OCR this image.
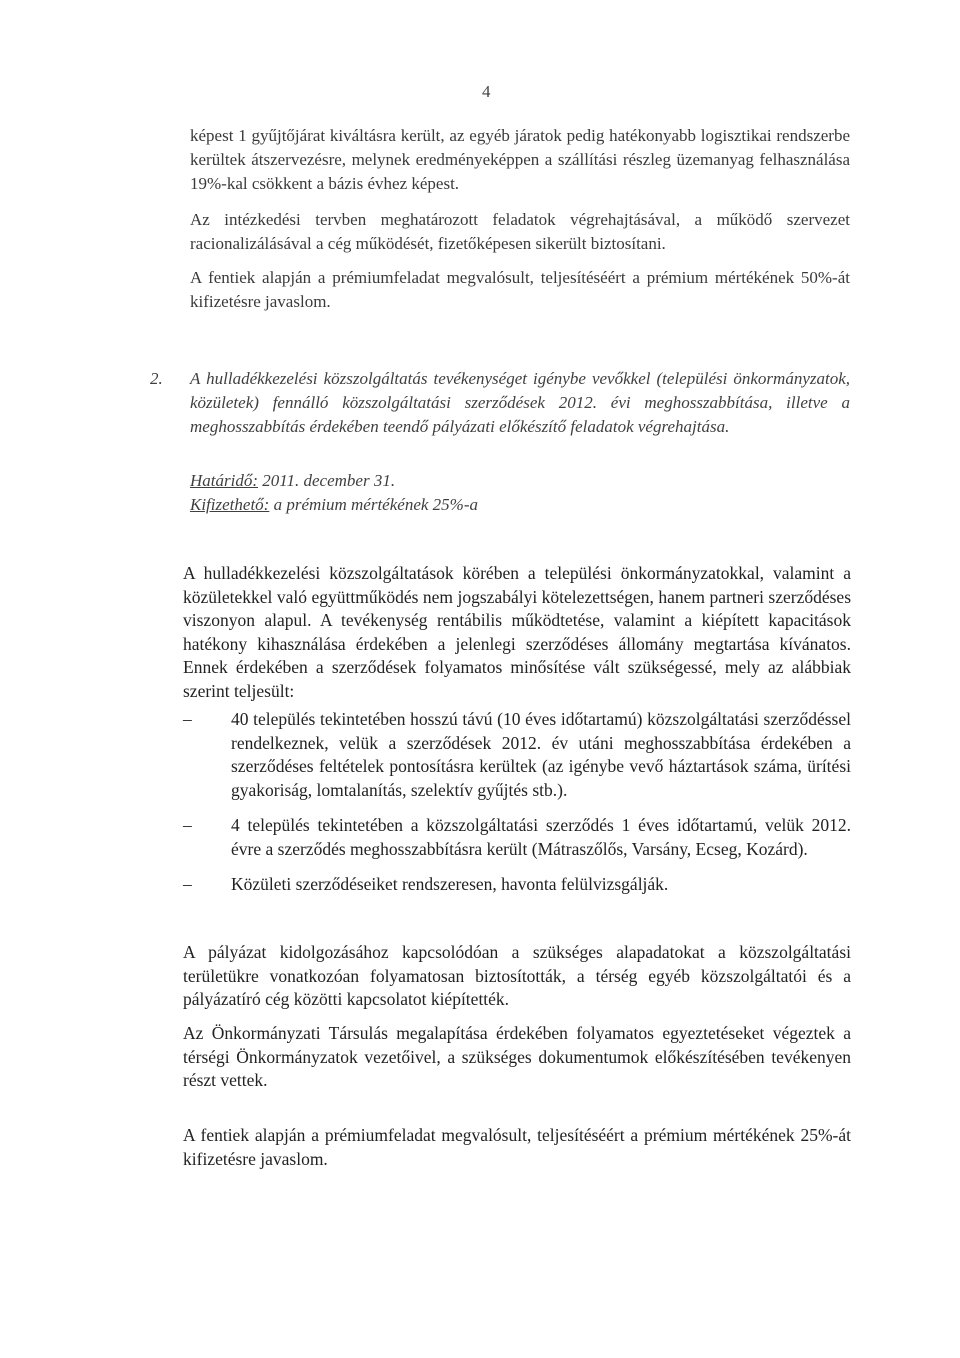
4

képest 1 gyűjtőjárat kiváltásra került, az egyéb járatok pedig hatékonyabb logisztikai rendszerbe kerültek átszervezésre, melynek eredményeképpen a szállítási részleg üzemanyag felhasználása 19%-kal csökkent a bázis évhez képest.

Az intézkedési tervben meghatározott feladatok végrehajtásával, a működő szervezet racionalizálásával a cég működését, fizetőképesen sikerült biztosítani.

A fentiek alapján a prémiumfeladat megvalósult, teljesítéséért a prémium mértékének 50%-át kifizetésre javaslom.

2. A hulladékkezelési közszolgáltatás tevékenységet igénybe vevőkkel (települési önkormányzatok, közületek) fennálló közszolgáltatási szerződések 2012. évi meghosszabbítása, illetve a meghosszabbítás érdekében teendő pályázati előkészítő feladatok végrehajtása.
Határidő: 2011. december 31.
Kifizethető: a prémium mértékének 25%-a

A hulladékkezelési közszolgáltatások körében a települési önkormányzatokkal, valamint a közületekkel való együttműködés nem jogszabályi kötelezettségen, hanem partneri szerződéses viszonyon alapul. A tevékenység rentábilis működtetése, valamint a kiépített kapacitások hatékony kihasználása érdekében a jelenlegi szerződéses állomány megtartása kívánatos. Ennek érdekében a szerződések folyamatos minősítése vált szükségessé, mely az alábbiak szerint teljesült:

– 40 település tekintetében hosszú távú (10 éves időtartamú) közszolgáltatási szerződéssel rendelkeznek, velük a szerződések 2012. év utáni meghosszabbítása érdekében a szerződéses feltételek pontosításra kerültek (az igénybe vevő háztartások száma, ürítési gyakoriság, lomtalanítás, szelektív gyűjtés stb.).
– 4 település tekintetében a közszolgáltatási szerződés 1 éves időtartamú, velük 2012. évre a szerződés meghosszabbításra került (Mátraszőlős, Varsány, Ecseg, Kozárd).
– Közületi szerződéseiket rendszeresen, havonta felülvizsgálják.

A pályázat kidolgozásához kapcsolódóan a szükséges alapadatokat a közszolgáltatási területükre vonatkozóan folyamatosan biztosították, a térség egyéb közszolgáltatói és a pályázatíró cég közötti kapcsolatot kiépítették.

Az Önkormányzati Társulás megalapítása érdekében folyamatos egyeztetéseket végeztek a térségi Önkormányzatok vezetőivel, a szükséges dokumentumok előkészítésében tevékenyen részt vettek.

A fentiek alapján a prémiumfeladat megvalósult, teljesítéséért a prémium mértékének 25%-át kifizetésre javaslom.
